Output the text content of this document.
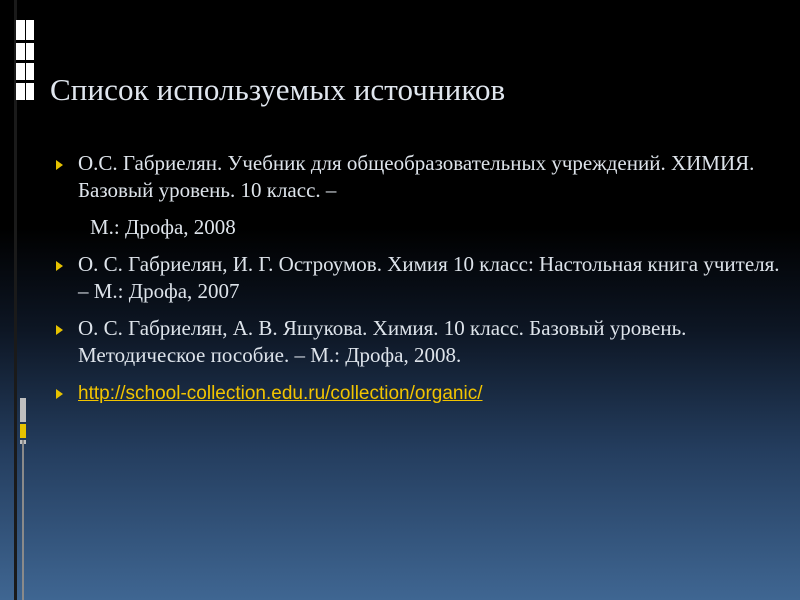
Список используемых источников
О.С. Габриелян. Учебник для общеобразовательных учреждений. ХИМИЯ. Базовый уровень. 10 класс. –
М.: Дрофа, 2008
О. С. Габриелян, И. Г. Остроумов. Химия 10 класс: Настольная книга учителя. – М.: Дрофа, 2007
О. С. Габриелян, А. В. Яшукова. Химия. 10 класс. Базовый уровень. Методическое пособие. – М.: Дрофа, 2008.
http://school-collection.edu.ru/collection/organic/
